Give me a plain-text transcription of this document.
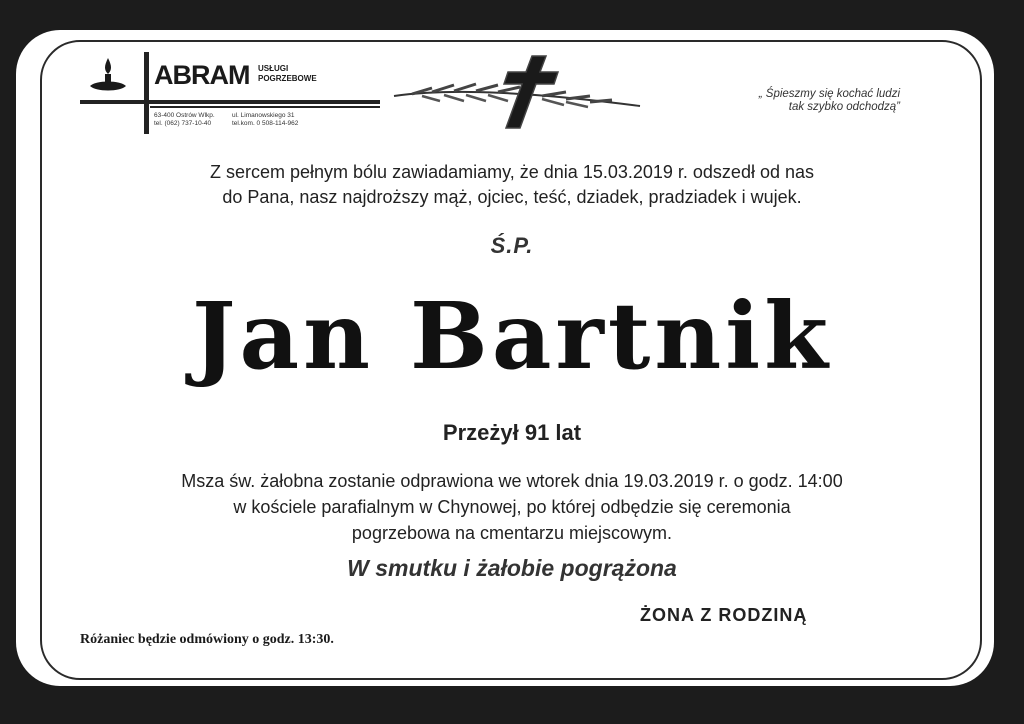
ABRAM USŁUGI
POGRZEBOWE
63-400 Ostrów Wlkp.
tel. (062) 737-10-40
ul. Limanowskiego 31
tel.kom. 0 508-114-962
„ Śpieszmy się kochać ludzi
tak szybko odchodzą”
Z sercem pełnym bólu zawiadamiamy, że dnia 15.03.2019 r. odszedł od nas
do Pana, nasz najdroższy mąż, ojciec, teść, dziadek, pradziadek i wujek.
Ś.P.
Jan Bartnik
Przeżył 91 lat
Msza św. żałobna zostanie odprawiona we wtorek dnia 19.03.2019 r. o godz. 14:00
w kościele parafialnym w Chynowej, po której odbędzie się ceremonia
pogrzebowa na cmentarzu miejscowym.
W smutku i żałobie pogrążona
ŻONA Z RODZINĄ
Różaniec będzie odmówiony o godz. 13:30.
